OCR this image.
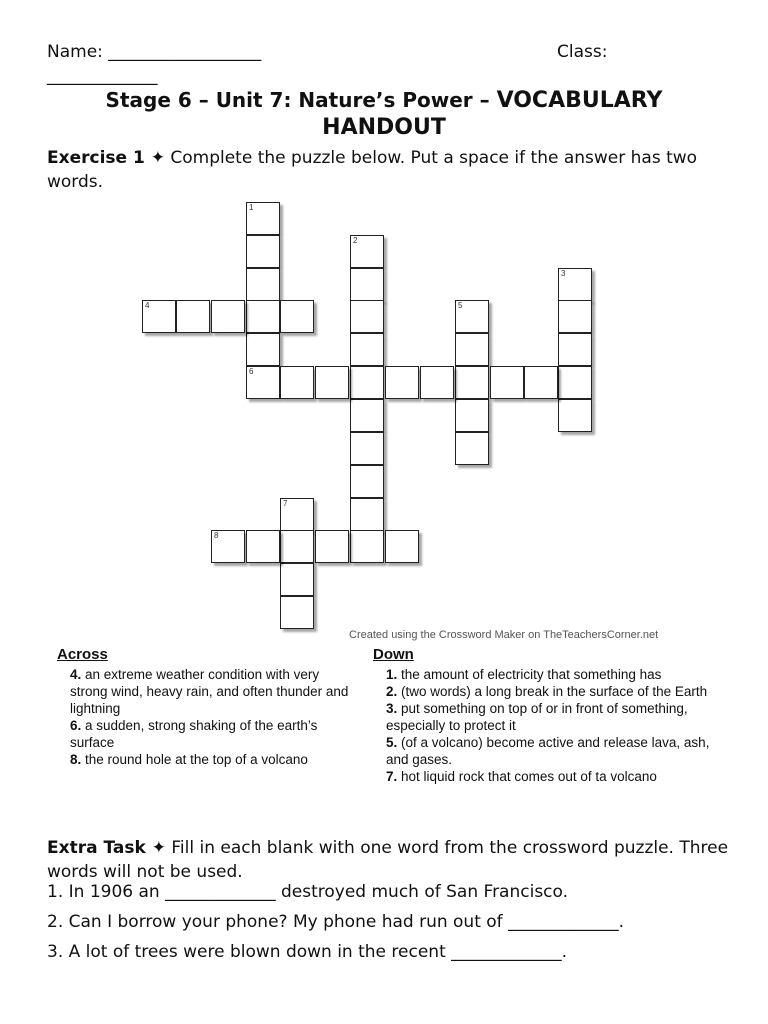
Name: __________________	Class:
_____________
Stage 6 – Unit 7: Nature’s Power – VOCABULARY
HANDOUT
Exercise 1 ✦ Complete the puzzle below. Put a space if the answer has two words.
1
6
2
3
4	5
7
8
Created using the Crossword Maker on TheTeachersCorner.net
Across	Down
4. an extreme weather condition with very strong wind, heavy rain, and often thunder and lightning
6. a sudden, strong shaking of the earth’s surface
8. the round hole at the top of a volcano
1. the amount of electricity that something has
2. (two words) a long break in the surface of the Earth
3. put something on top of or in front of something, especially to protect it
5. (of a volcano) become active and release lava, ash, and gases.
7. hot liquid rock that comes out of ta volcano
Extra Task ✦ Fill in each blank with one word from the crossword puzzle. Three words will not be used.
1. In 1906 an _____________ destroyed much of San Francisco.
2. Can I borrow your phone? My phone had run out of _____________.
3. A lot of trees were blown down in the recent _____________.
